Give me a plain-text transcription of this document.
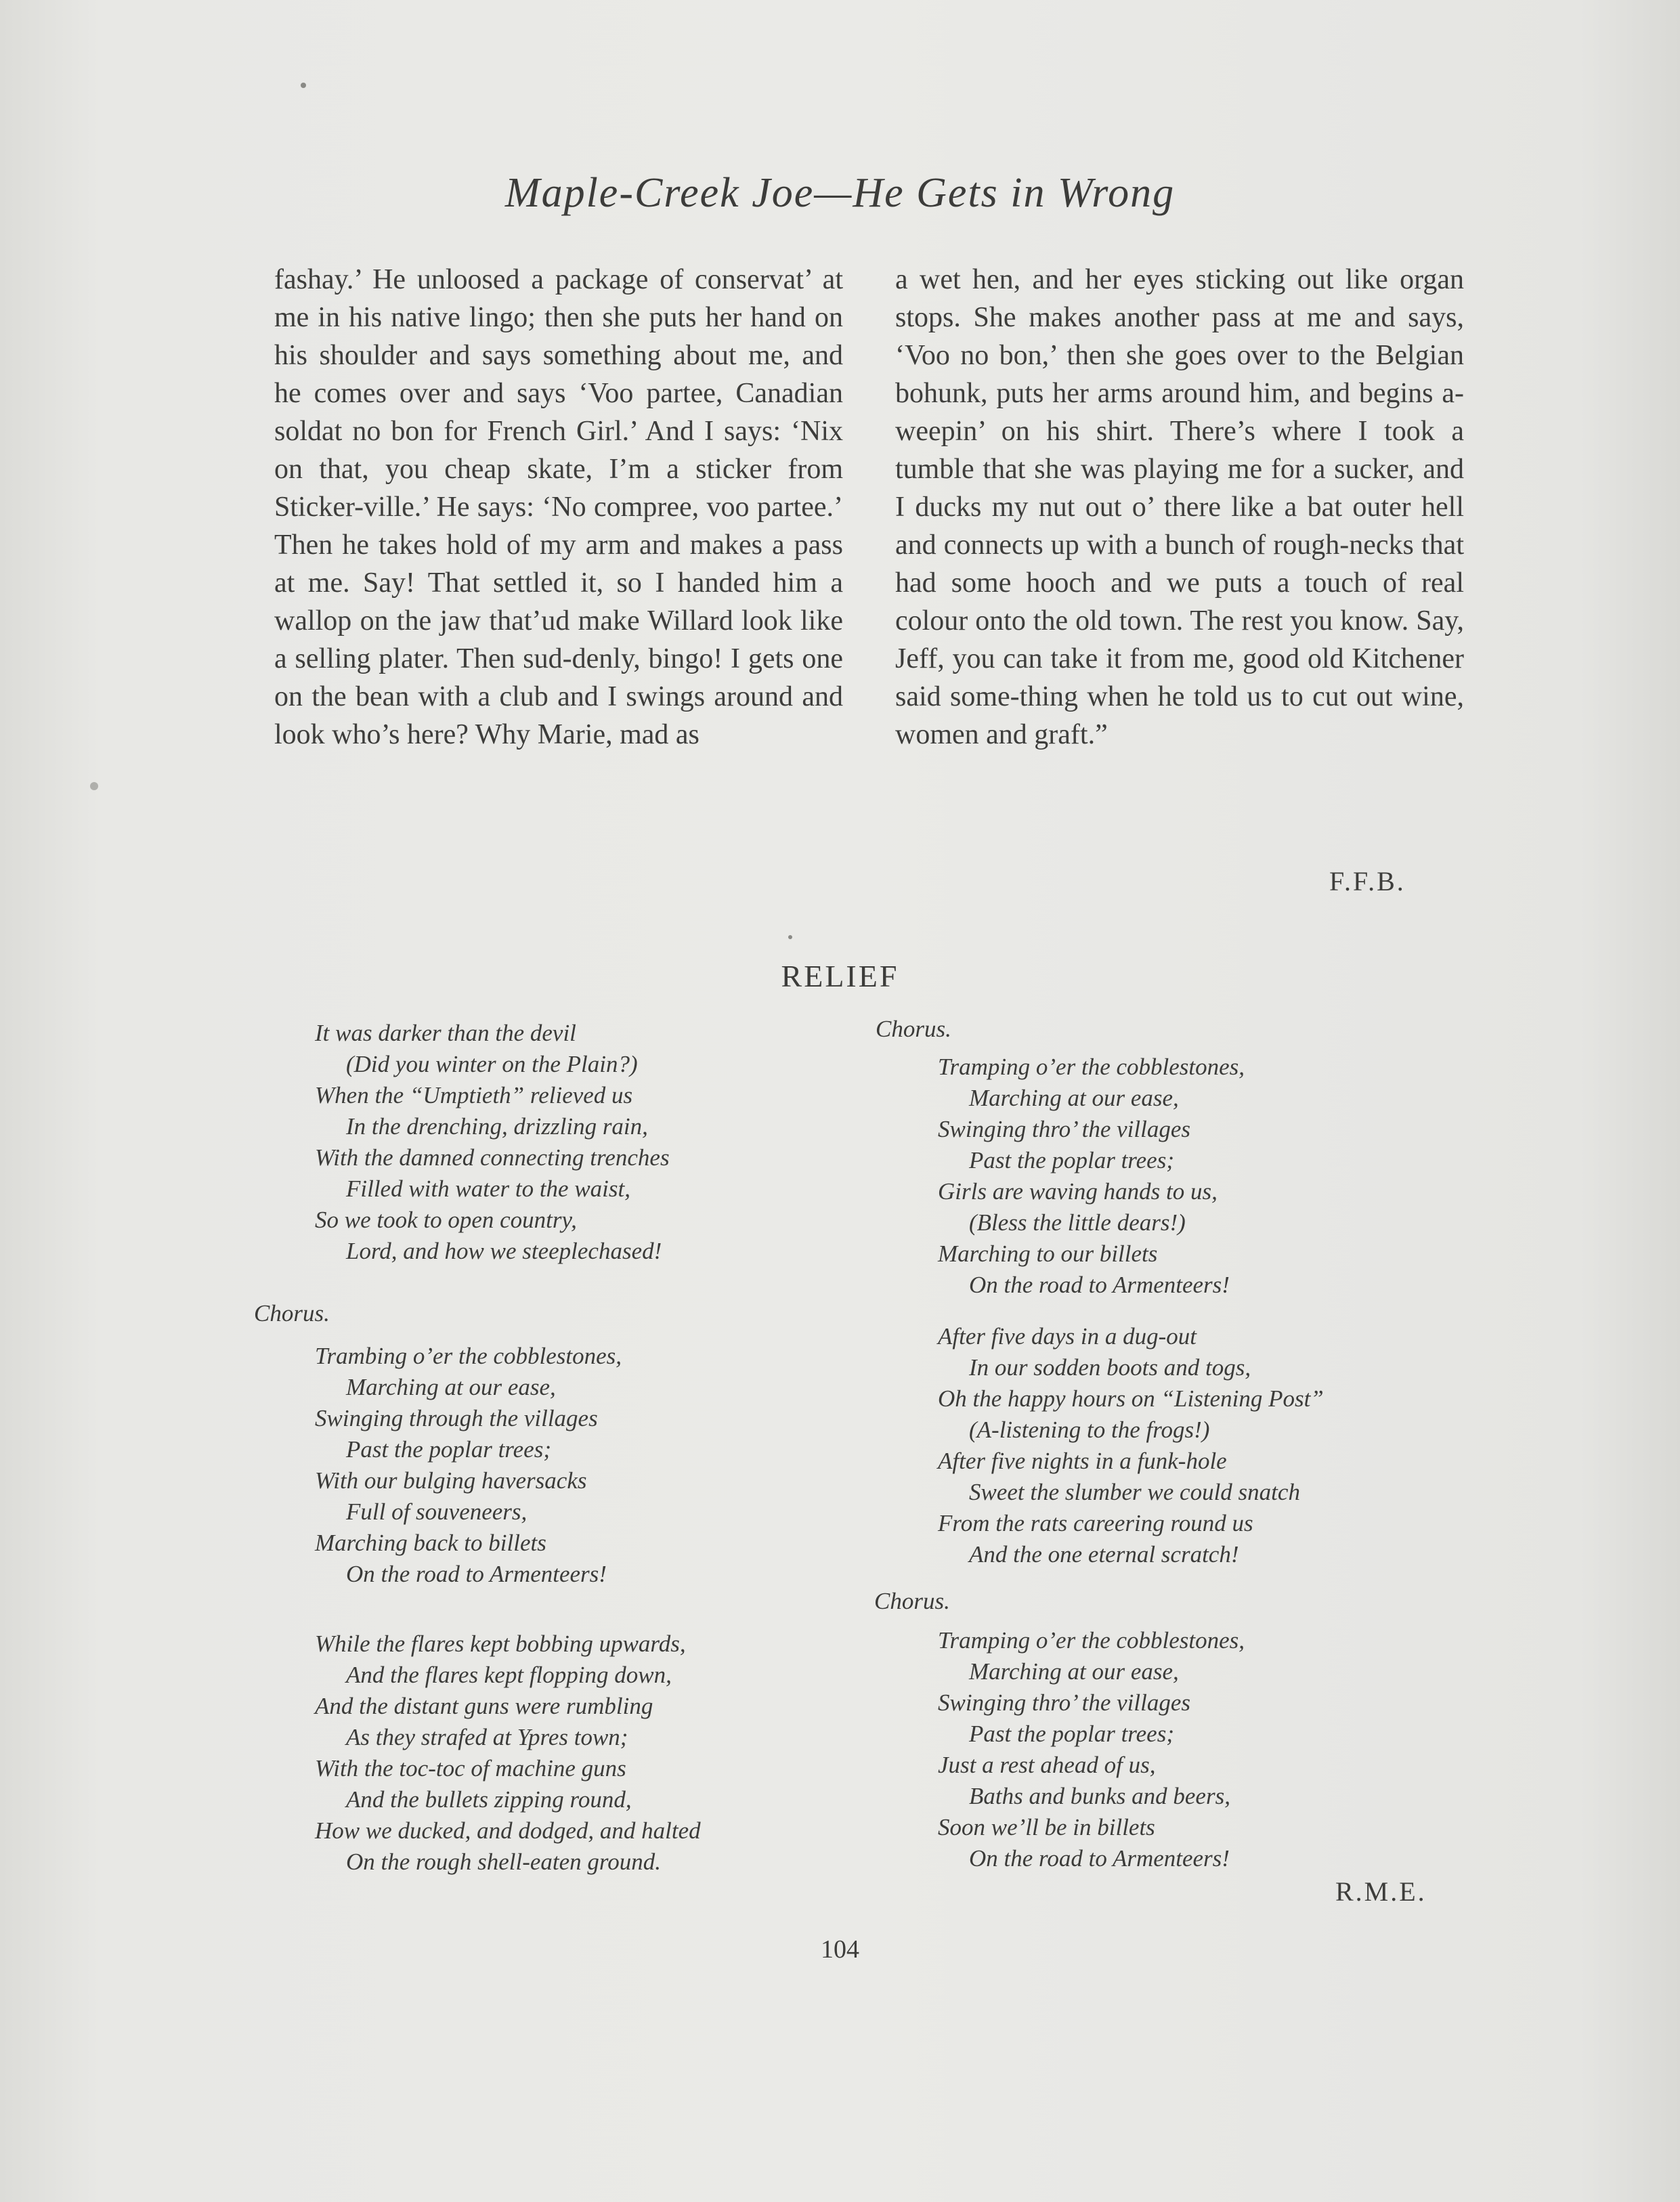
Maple-Creek Joe—He Gets in Wrong

fashay.’ He unloosed a package of conservat’ at me in his native lingo; then she puts her hand on his shoulder and says something about me, and he comes over and says ‘Voo partee, Canadian soldat no bon for French Girl.’ And I says: ‘Nix on that, you cheap skate, I’m a sticker from Sticker-ville.’ He says: ‘No compree, voo partee.’ Then he takes hold of my arm and makes a pass at me. Say! That settled it, so I handed him a wallop on the jaw that’ud make Willard look like a selling plater. Then sud-denly, bingo! I gets one on the bean with a club and I swings around and look who’s here? Why Marie, mad as

a wet hen, and her eyes sticking out like organ stops. She makes another pass at me and says, ‘Voo no bon,’ then she goes over to the Belgian bohunk, puts her arms around him, and begins a-weepin’ on his shirt. There’s where I took a tumble that she was playing me for a sucker, and I ducks my nut out o’ there like a bat outer hell and connects up with a bunch of rough-necks that had some hooch and we puts a touch of real colour onto the old town. The rest you know. Say, Jeff, you can take it from me, good old Kitchener said some-thing when he told us to cut out wine, women and graft.”

F.F.B.
RELIEF
It was darker than the devil
(Did you winter on the Plain?)
When the “Umptieth” relieved us
In the drenching, drizzling rain,
With the damned connecting trenches
Filled with water to the waist,
So we took to open country,
Lord, and how we steeplechased!
Chorus.
Trambing o’er the cobblestones,
Marching at our ease,
Swinging through the villages
Past the poplar trees;
With our bulging haversacks
Full of souveneers,
Marching back to billets
On the road to Armenteers!
While the flares kept bobbing upwards,
And the flares kept flopping down,
And the distant guns were rumbling
As they strafed at Ypres town;
With the toc-toc of machine guns
And the bullets zipping round,
How we ducked, and dodged, and halted
On the rough shell-eaten ground.
Chorus.
Tramping o’er the cobblestones,
Marching at our ease,
Swinging thro’ the villages
Past the poplar trees;
Girls are waving hands to us,
(Bless the little dears!)
Marching to our billets
On the road to Armenteers!
After five days in a dug-out
In our sodden boots and togs,
Oh the happy hours on “Listening Post”
(A-listening to the frogs!)
After five nights in a funk-hole
Sweet the slumber we could snatch
From the rats careering round us
And the one eternal scratch!
Chorus.
Tramping o’er the cobblestones,
Marching at our ease,
Swinging thro’ the villages
Past the poplar trees;
Just a rest ahead of us,
Baths and bunks and beers,
Soon we’ll be in billets
On the road to Armenteers!
R.M.E.
104
